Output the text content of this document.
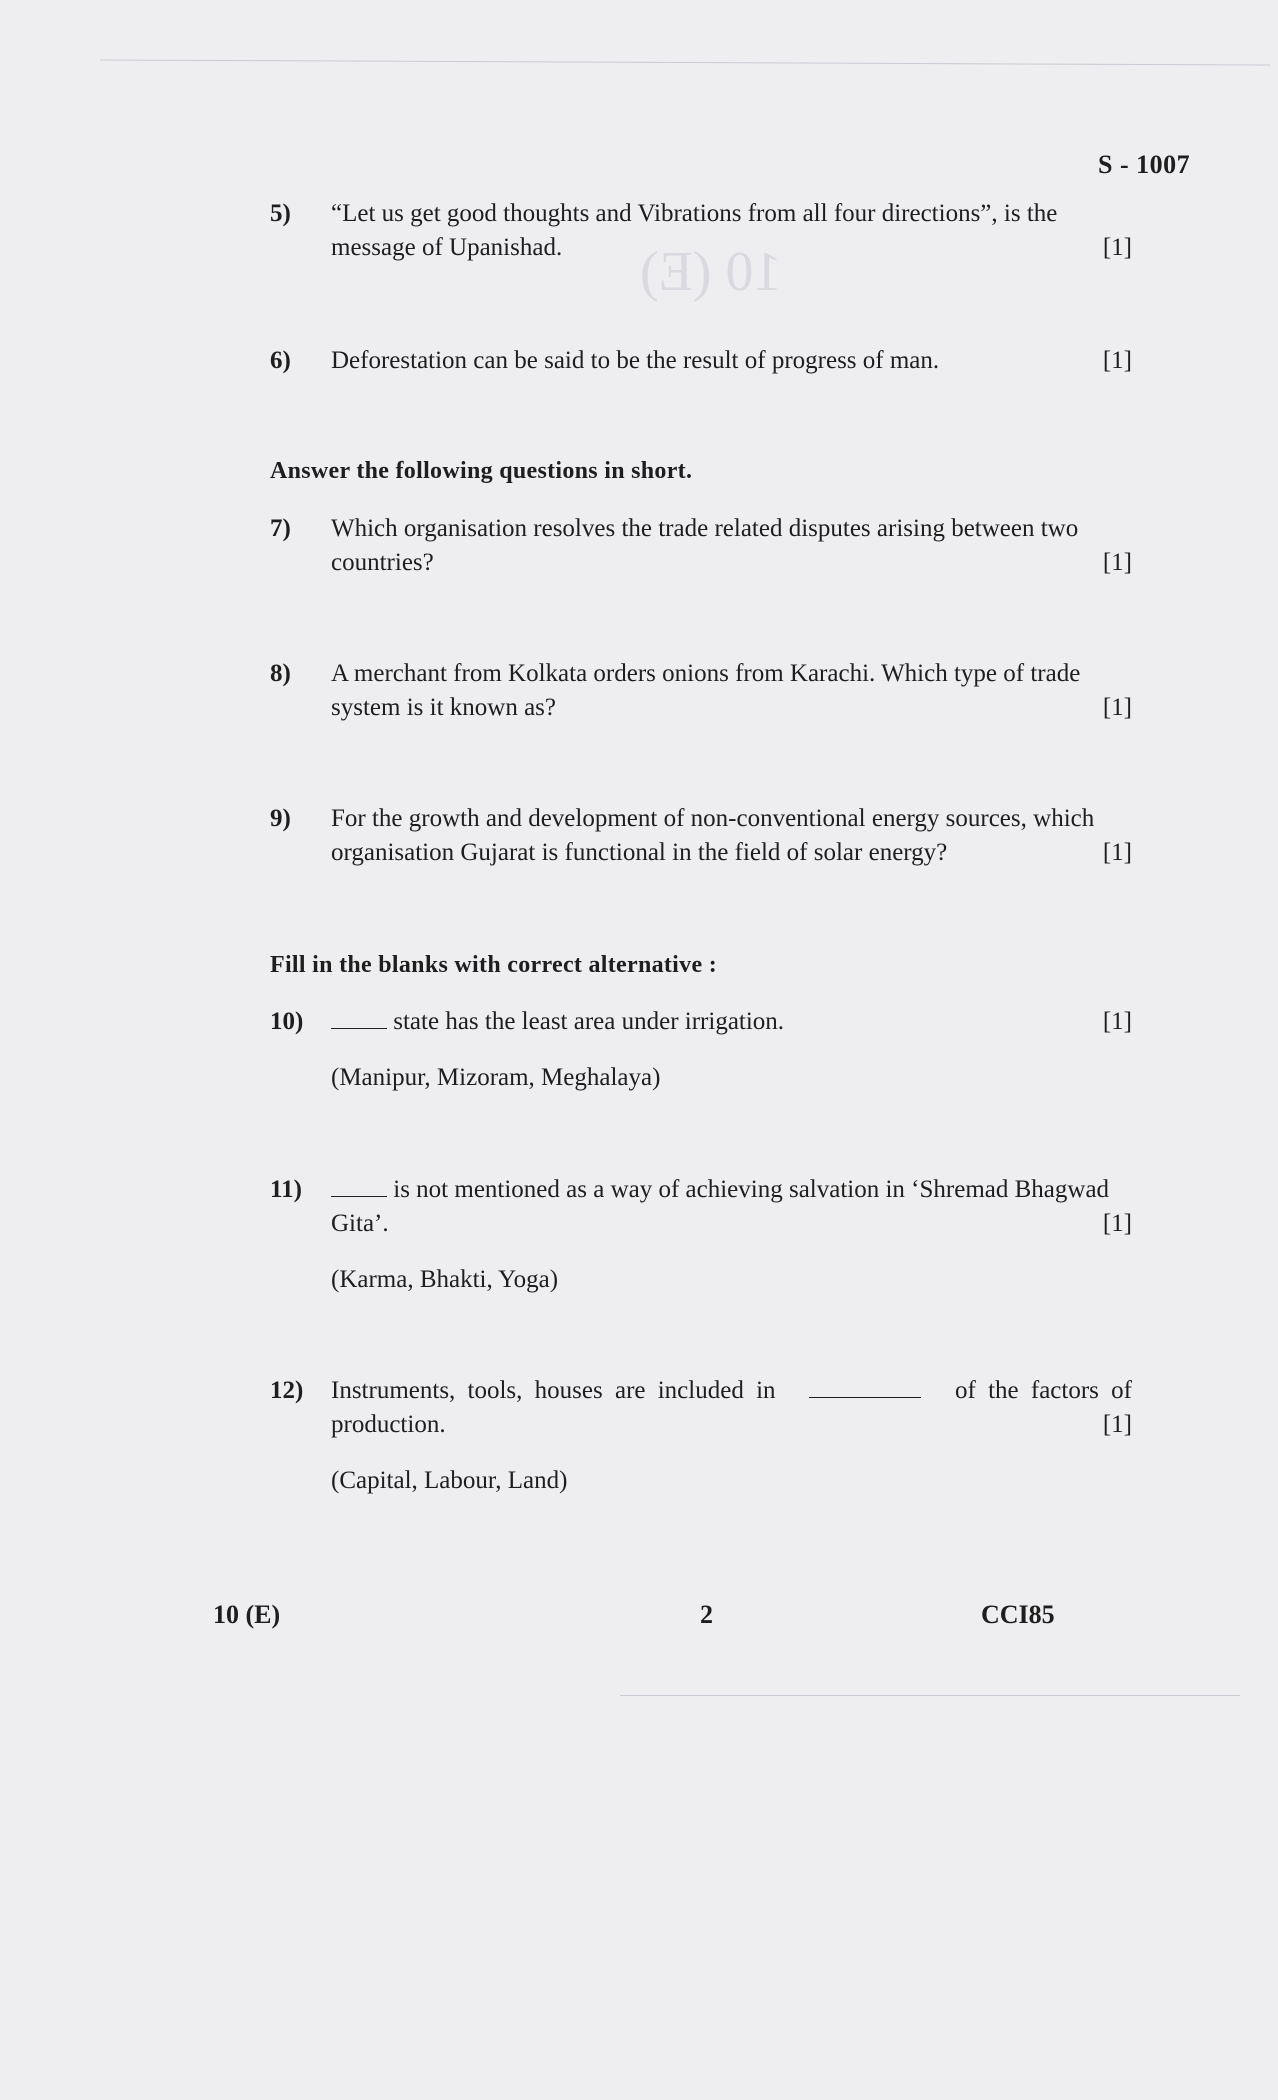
10 (E)
S - 1007
5)	“Let us get good thoughts and Vibrations from all four directions”, is the
[1]
message of Upanishad.
6)	[1]
Deforestation can be said to be the result of progress of man.
Answer the following questions in short.
7)	Which organisation resolves the trade related disputes arising between two
[1]
countries?
8)	A merchant from Kolkata orders onions from Karachi. Which type of trade
[1]
system is it known as?
9)	For the growth and development of non-conventional energy sources, which
[1]
organisation Gujarat is functional in the field of solar energy?
Fill in the blanks with correct alternative :
10)	[1]
state has the least area under irrigation.
(Manipur, Mizoram, Meghalaya)
11)	is not mentioned as a way of achieving salvation in ‘Shremad Bhagwad
[1]
Gita’.
(Karma, Bhakti, Yoga)
12)	Instruments, tools, houses are included in	of the factors of
[1]
production.
(Capital, Labour, Land)
10 (E)	2	CCI85
